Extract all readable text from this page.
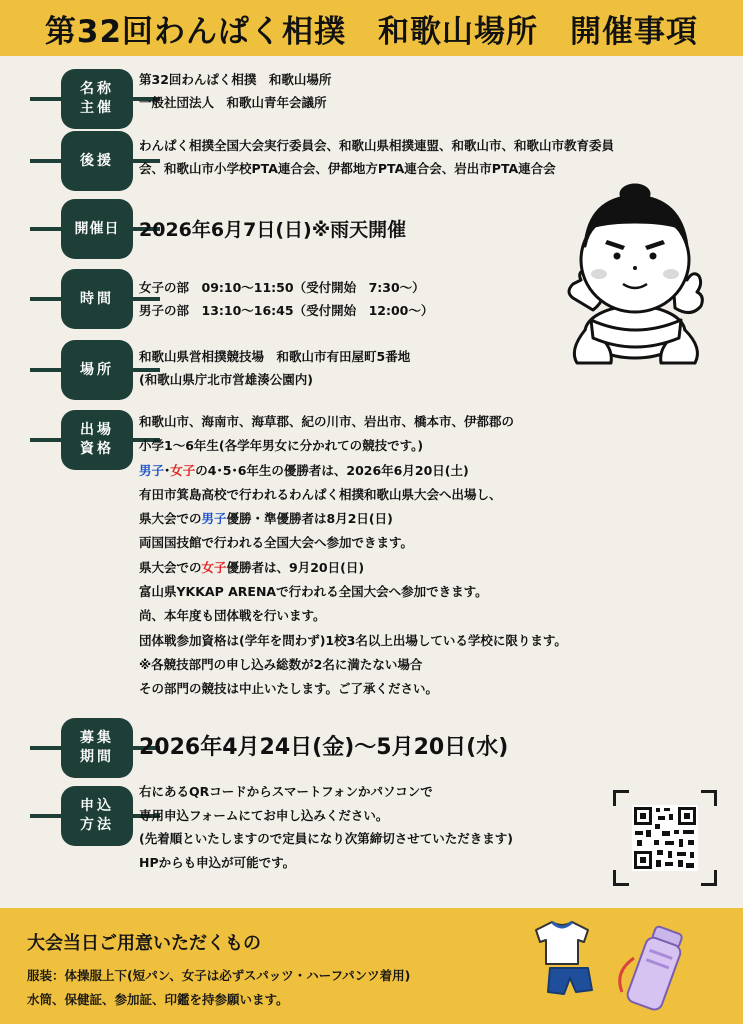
第32回わんぱく相撲　和歌山場所　開催事項
名称
主催
第32回わんぱく相撲　和歌山場所
一般社団法人　和歌山青年会議所
後援
わんぱく相撲全国大会実行委員会、和歌山県相撲連盟、和歌山市、和歌山市教育委員
会、和歌山市小学校PTA連合会、伊都地方PTA連合会、岩出市PTA連合会
開催日	2026年6月7日(日)※雨天開催
時間
女子の部　09:10～11:50（受付開始　7:30～）
男子の部　13:10～16:45（受付開始　12:00～）
場所
和歌山県営相撲競技場　和歌山市有田屋町5番地
(和歌山県庁北市営雄湊公園内)
出場
資格
和歌山市、海南市、海草郡、紀の川市、岩出市、橋本市、伊都郡の
小学1～6年生(各学年男女に分かれての競技です。)
男子･女子の4･5･6年生の優勝者は、2026年6月20日(土)
有田市箕島高校で行われるわんぱく相撲和歌山県大会へ出場し、
県大会での男子優勝・準優勝者は8月2日(日)
両国国技館で行われる全国大会へ参加できます。
県大会での女子優勝者は、9月20日(日)
富山県YKKAP ARENAで行われる全国大会へ参加できます。
尚、本年度も団体戦を行います。
団体戦参加資格は(学年を問わず)1校3名以上出場している学校に限ります。
※各競技部門の申し込み総数が2名に満たない場合
その部門の競技は中止いたします。ご了承ください。
募集
期間	2026年4月24日(金)～5月20日(水)
申込
方法
右にあるQRコードからスマートフォンかパソコンで
専用申込フォームにてお申し込みください。
(先着順といたしますので定員になり次第締切させていただきます)
HPからも申込が可能です。
大会当日ご用意いただくもの
服装：体操服上下(短パン、女子は必ずスパッツ・ハーフパンツ着用)
水筒、保健証、参加証、印鑑を持参願います。
